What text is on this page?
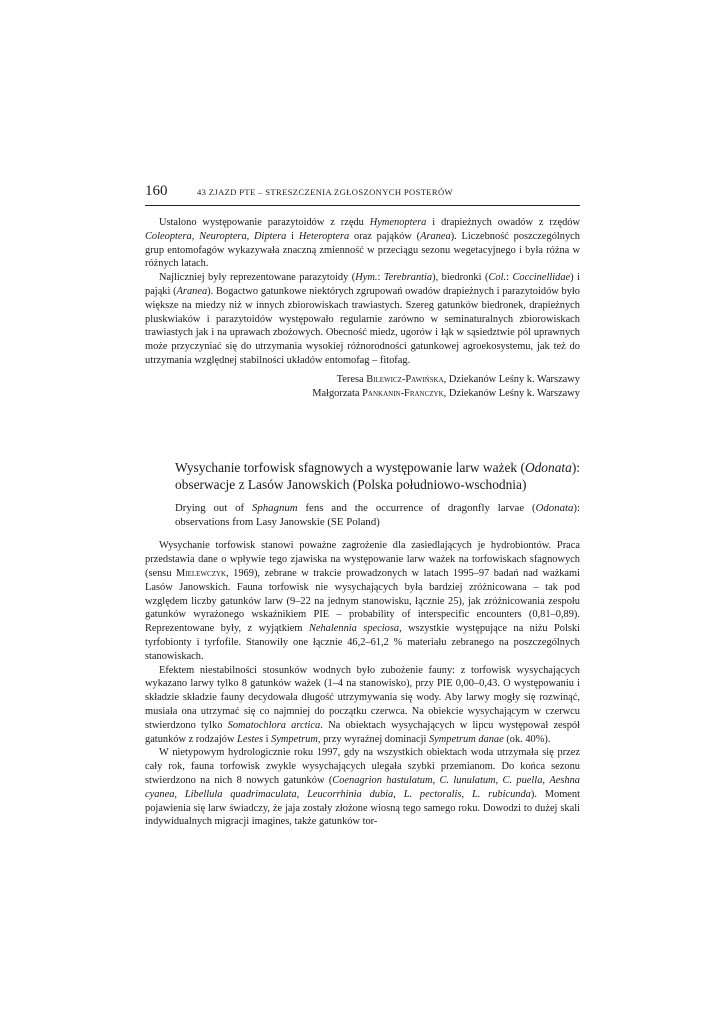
160	43 ZJAZD PTE – STRESZCZENIA ZGŁOSZONYCH POSTERÓW

Ustalono występowanie parazytoidów z rzędu Hymenoptera i drapieżnych owadów z rzędów Coleoptera, Neuroptera, Diptera i Heteroptera oraz pająków (Aranea). Liczebność poszczególnych grup entomofagów wykazywała znaczną zmienność w przeciągu sezonu wegetacyjnego i była różna w różnych latach.

Najliczniej były reprezentowane parazytoidy (Hym.: Terebrantia), biedronki (Col.: Coccinellidae) i pająki (Aranea). Bogactwo gatunkowe niektórych zgrupowań owadów drapieżnych i parazytoidów było większe na miedzy niż w innych zbiorowiskach trawiastych. Szereg gatunków biedronek, drapieżnych pluskwiaków i parazytoidów występowało regularnie zarówno w seminaturalnych zbiorowiskach trawiastych jak i na uprawach zbożowych. Obecność miedz, ugorów i łąk w sąsiedztwie pól uprawnych może przyczyniać się do utrzymania wysokiej różnorodności gatunkowej agroekosystemu, jak też do utrzymania względnej stabilności układów entomofag – fitofag.

Teresa Bilewicz-Pawińska, Dziekanów Leśny k. Warszawy
Małgorzata Pankanin-Franczyk, Dziekanów Leśny k. Warszawy
Wysychanie torfowisk sfagnowych a występowanie larw ważek (Odonata): obserwacje z Lasów Janowskich (Polska południowo-wschodnia)
Drying out of Sphagnum fens and the occurrence of dragonfly larvae (Odonata): observations from Lasy Janowskie (SE Poland)

Wysychanie torfowisk stanowi poważne zagrożenie dla zasiedlających je hydrobiontów. Praca przedstawia dane o wpływie tego zjawiska na występowanie larw ważek na torfowiskach sfagnowych (sensu Mielewczyk, 1969), zebrane w trakcie prowadzonych w latach 1995–97 badań nad ważkami Lasów Janowskich. Fauna torfowisk nie wysychających była bardziej zróżnicowana – tak pod względem liczby gatunków larw (9–22 na jednym stanowisku, łącznie 25), jak zróżnicowania zespołu gatunków wyrażonego wskaźnikiem PIE – probability of interspecific encounters (0,81–0,89). Reprezentowane były, z wyjątkiem Nehalennia speciosa, wszystkie występujące na niżu Polski tyrfobionty i tyrfofile. Stanowiły one łącznie 46,2–61,2 % materiału zebranego na poszczególnych stanowiskach.

Efektem niestabilności stosunków wodnych było zubożenie fauny: z torfowisk wysychających wykazano larwy tylko 8 gatunków ważek (1–4 na stanowisko), przy PIE 0,00–0,43. O występowaniu i składzie składzie fauny decydowała długość utrzymywania się wody. Aby larwy mogły się rozwinąć, musiała ona utrzymać się co najmniej do początku czerwca. Na obiekcie wysychającym w czerwcu stwierdzono tylko Somatochlora arctica. Na obiektach wysychających w lipcu występował zespół gatunków z rodzajów Lestes i Sympetrum, przy wyraźnej dominacji Sympetrum danae (ok. 40%).

W nietypowym hydrologicznie roku 1997, gdy na wszystkich obiektach woda utrzymała się przez cały rok, fauna torfowisk zwykle wysychających ulegała szybki przemianom. Do końca sezonu stwierdzono na nich 8 nowych gatunków (Coenagrion hastulatum, C. lunulatum, C. puella, Aeshna cyanea, Libellula quadrimaculata, Leucorrhinia dubia, L. pectoralis, L. rubicunda). Moment pojawienia się larw świadczy, że jaja zostały złożone wiosną tego samego roku. Dowodzi to dużej skali indywidualnych migracji imagines, także gatunków tor-
